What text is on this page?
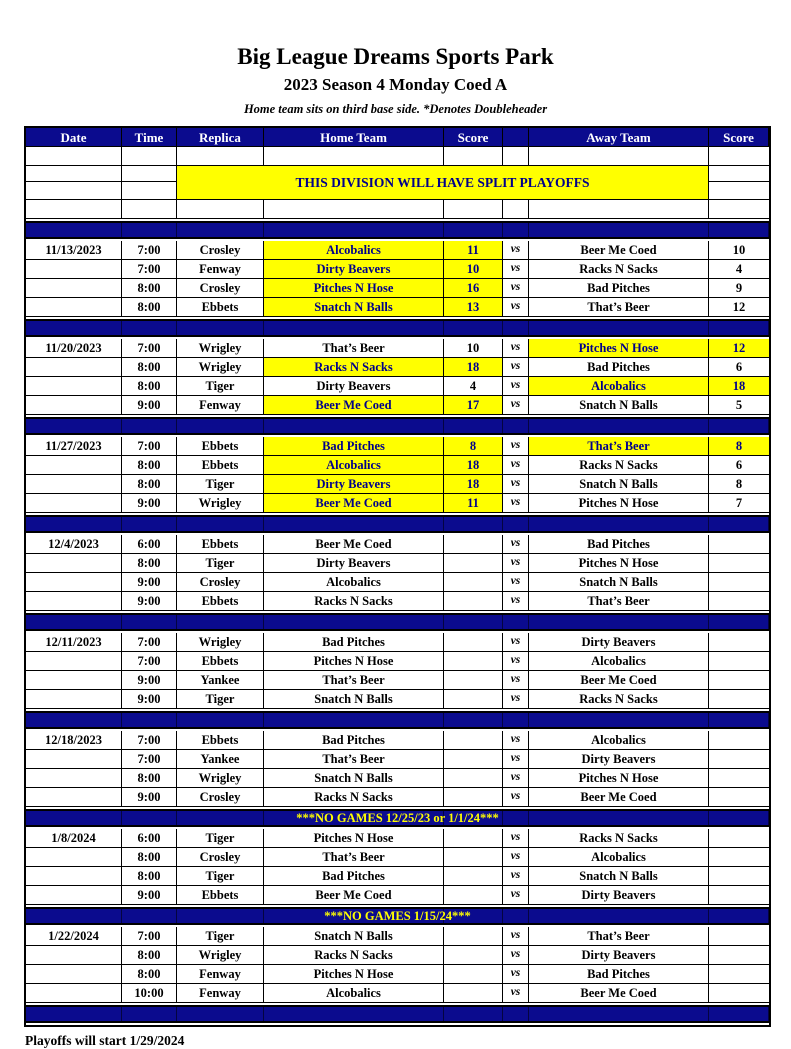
Big League Dreams Sports Park
2023 Season 4 Monday Coed A
Home team sits on third base side. *Denotes Doubleheader
Date	Time	Replica	Home Team	Score	Away Team	Score
THIS DIVISION WILL HAVE SPLIT PLAYOFFS
11/13/2023	7:00	Crosley	Alcobalics	11	vs	Beer Me Coed	10
7:00	Fenway	Dirty Beavers	10	vs	Racks N Sacks	4
8:00	Crosley	Pitches N Hose	16	vs	Bad Pitches	9
8:00	Ebbets	Snatch N Balls	13	vs	That’s Beer	12
11/20/2023	7:00	Wrigley	That’s Beer	10	vs	Pitches N Hose	12
8:00	Wrigley	Racks N Sacks	18	vs	Bad Pitches	6
8:00	Tiger	Dirty Beavers	4	vs	Alcobalics	18
9:00	Fenway	Beer Me Coed	17	vs	Snatch N Balls	5
11/27/2023	7:00	Ebbets	Bad Pitches	8	vs	That’s Beer	8
8:00	Ebbets	Alcobalics	18	vs	Racks N Sacks	6
8:00	Tiger	Dirty Beavers	18	vs	Snatch N Balls	8
9:00	Wrigley	Beer Me Coed	11	vs	Pitches N Hose	7
12/4/2023	6:00	Ebbets	Beer Me Coed	vs	Bad Pitches
8:00	Tiger	Dirty Beavers	vs	Pitches N Hose
9:00	Crosley	Alcobalics	vs	Snatch N Balls
9:00	Ebbets	Racks N Sacks	vs	That’s Beer
12/11/2023	7:00	Wrigley	Bad Pitches	vs	Dirty Beavers
7:00	Ebbets	Pitches N Hose	vs	Alcobalics
9:00	Yankee	That’s Beer	vs	Beer Me Coed
9:00	Tiger	Snatch N Balls	vs	Racks N Sacks
12/18/2023	7:00	Ebbets	Bad Pitches	vs	Alcobalics
7:00	Yankee	That’s Beer	vs	Dirty Beavers
8:00	Wrigley	Snatch N Balls	vs	Pitches N Hose
9:00	Crosley	Racks N Sacks	vs	Beer Me Coed
***NO GAMES 12/25/23 or 1/1/24***
1/8/2024	6:00	Tiger	Pitches N Hose	vs	Racks N Sacks
8:00	Crosley	That’s Beer	vs	Alcobalics
8:00	Tiger	Bad Pitches	vs	Snatch N Balls
9:00	Ebbets	Beer Me Coed	vs	Dirty Beavers
***NO GAMES 1/15/24***
1/22/2024	7:00	Tiger	Snatch N Balls	vs	That’s Beer
8:00	Wrigley	Racks N Sacks	vs	Dirty Beavers
8:00	Fenway	Pitches N Hose	vs	Bad Pitches
10:00	Fenway	Alcobalics	vs	Beer Me Coed
Playoffs will start 1/29/2024
